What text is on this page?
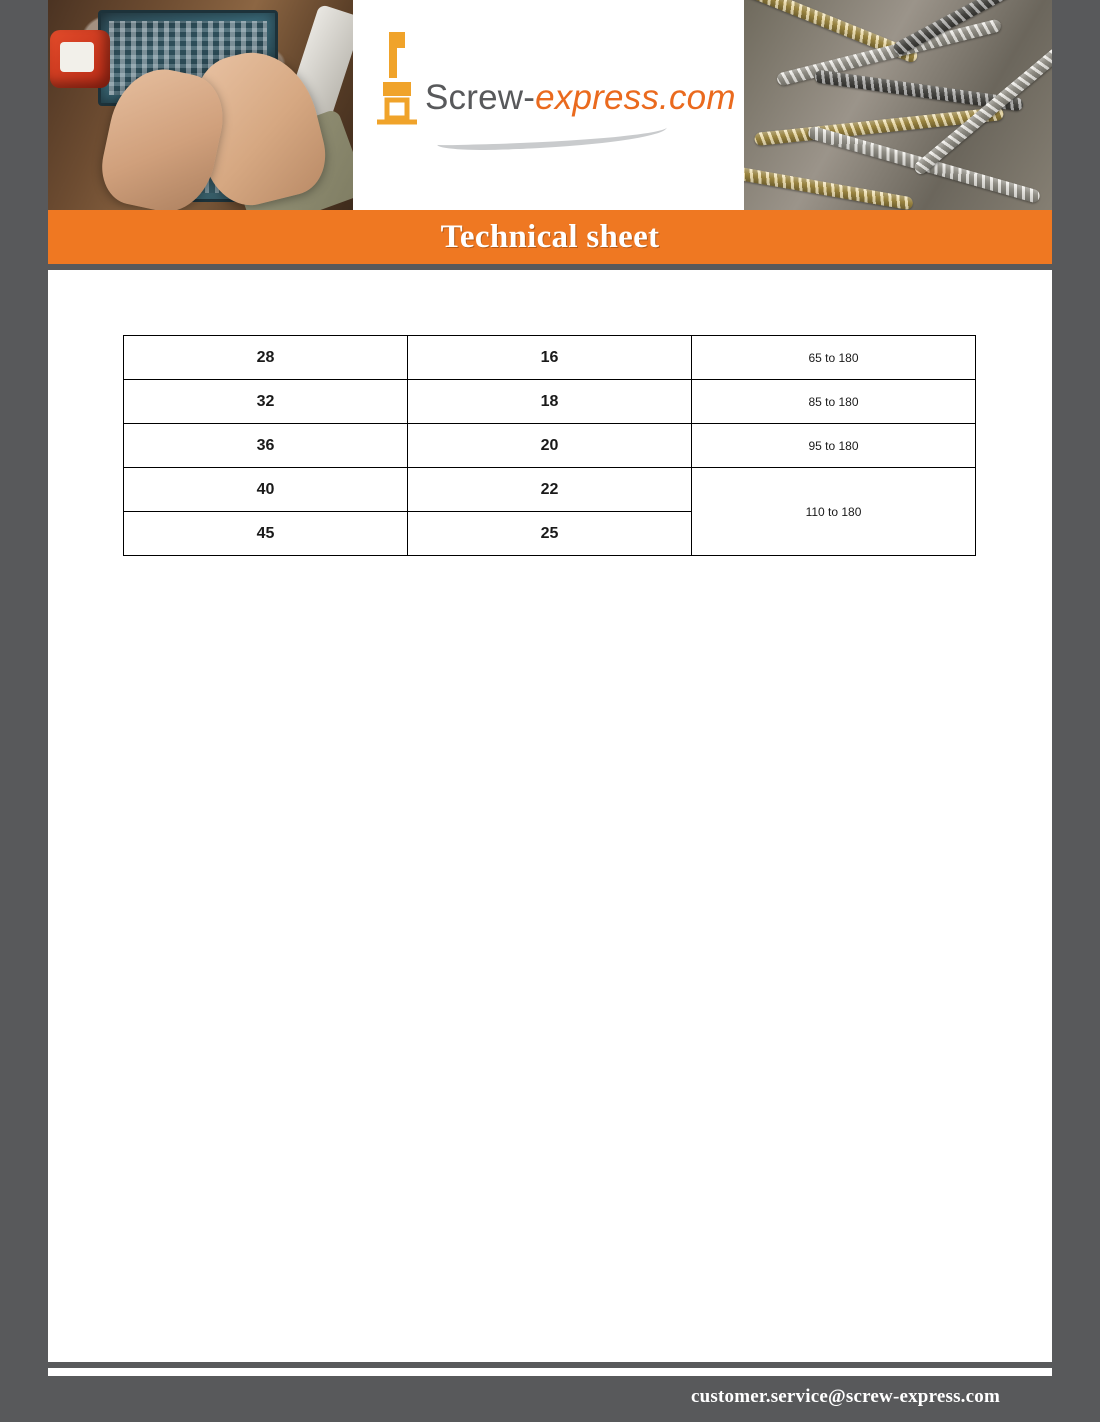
Screw-express.com
Technical sheet
28	16	65 to 180
32	18	85 to 180
36	20	95 to 180
40	22	110 to 180
45	25	
customer.service@screw-express.com
